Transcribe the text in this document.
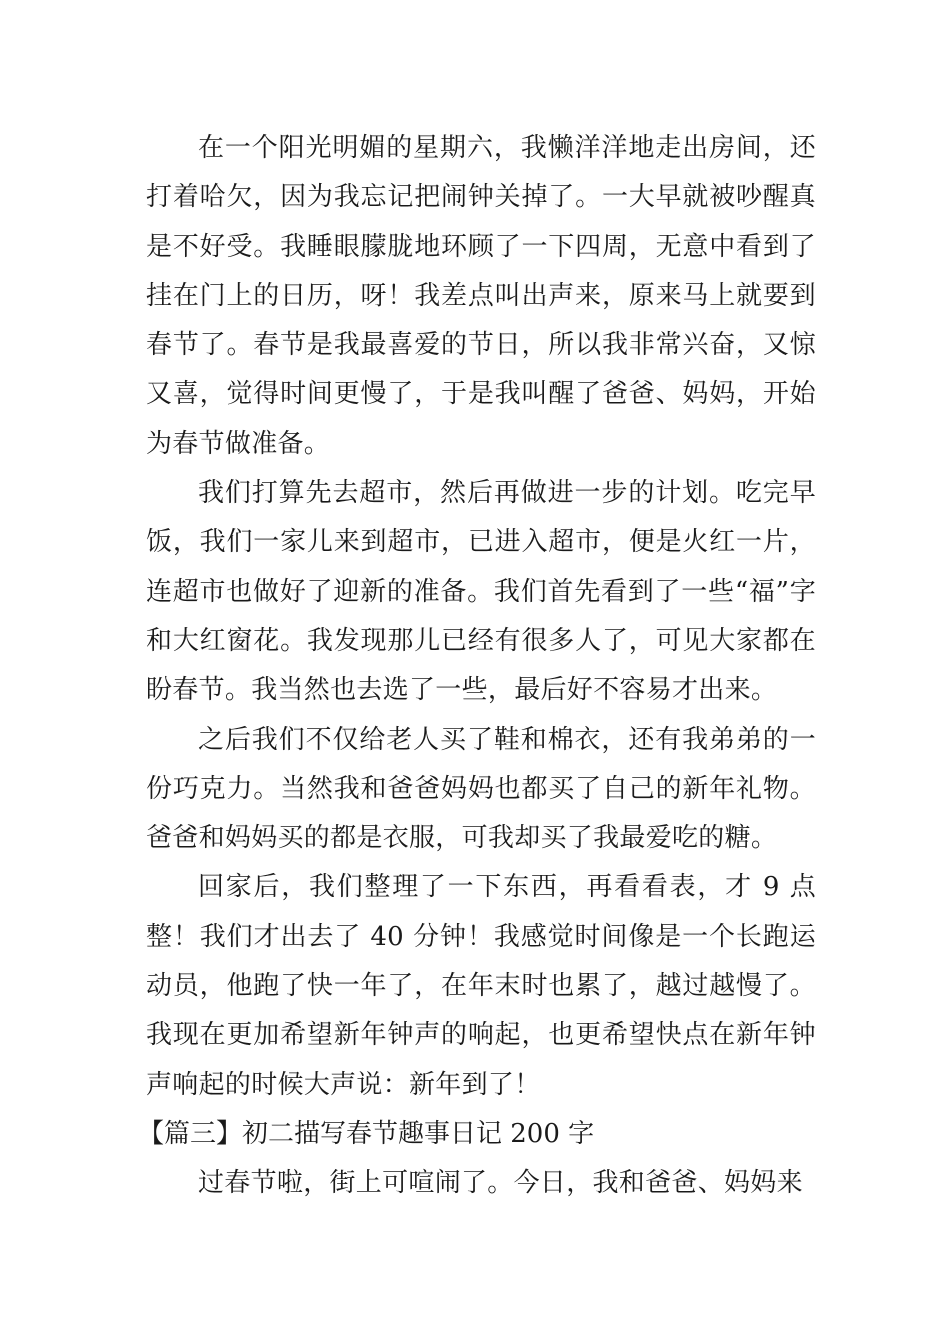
在一个阳光明媚的星期六，我懒洋洋地走出房间，还打着哈欠，因为我忘记把闹钟关掉了。一大早就被吵醒真是不好受。我睡眼朦胧地环顾了一下四周，无意中看到了挂在门上的日历，呀！我差点叫出声来，原来马上就要到春节了。春节是我最喜爱的节日，所以我非常兴奋，又惊又喜，觉得时间更慢了，于是我叫醒了爸爸、妈妈，开始为春节做准备。

我们打算先去超市，然后再做进一步的计划。吃完早饭，我们一家儿来到超市，已进入超市，便是火红一片，连超市也做好了迎新的准备。我们首先看到了一些“福”字和大红窗花。我发现那儿已经有很多人了，可见大家都在盼春节。我当然也去选了一些，最后好不容易才出来。

之后我们不仅给老人买了鞋和棉衣，还有我弟弟的一份巧克力。当然我和爸爸妈妈也都买了自己的新年礼物。爸爸和妈妈买的都是衣服，可我却买了我最爱吃的糖。

回家后，我们整理了一下东西，再看看表，才 9 点整！我们才出去了 40 分钟！我感觉时间像是一个长跑运动员，他跑了快一年了，在年末时也累了，越过越慢了。我现在更加希望新年钟声的响起，也更希望快点在新年钟声响起的时候大声说：新年到了！

【篇三】初二描写春节趣事日记 200 字

过春节啦，街上可喧闹了。今日，我和爸爸、妈妈来
